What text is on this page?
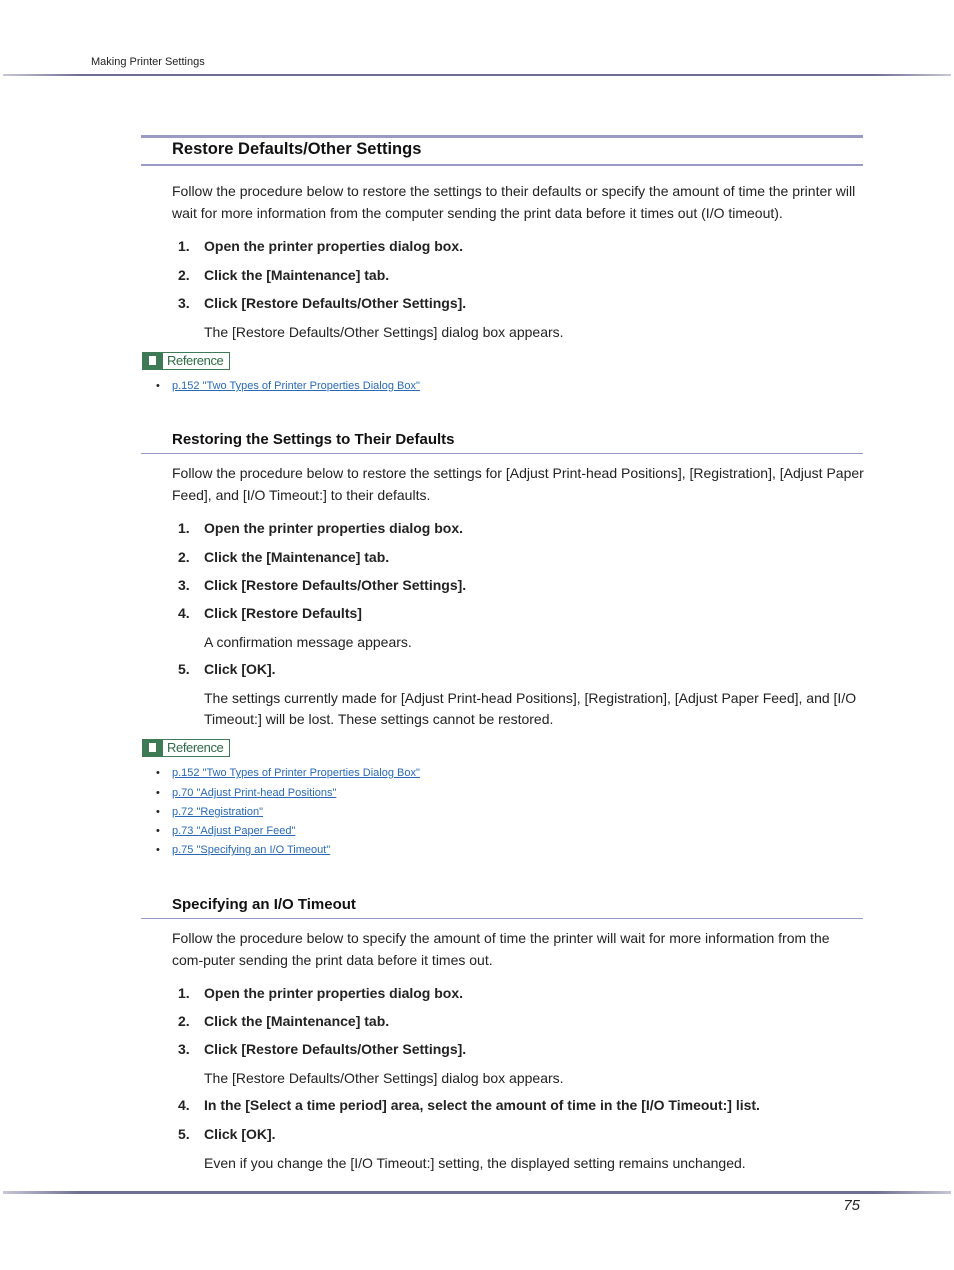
Making Printer Settings
Restore Defaults/Other Settings
Follow the procedure below to restore the settings to their defaults or specify the amount of time the printer will wait for more information from the computer sending the print data before it times out (I/O timeout).
1. Open the printer properties dialog box.
2. Click the [Maintenance] tab.
3. Click [Restore Defaults/Other Settings].
The [Restore Defaults/Other Settings] dialog box appears.
Reference
• p.152 "Two Types of Printer Properties Dialog Box"
Restoring the Settings to Their Defaults
Follow the procedure below to restore the settings for [Adjust Print-head Positions], [Registration], [Adjust Paper Feed], and [I/O Timeout:] to their defaults.
1. Open the printer properties dialog box.
2. Click the [Maintenance] tab.
3. Click [Restore Defaults/Other Settings].
4. Click [Restore Defaults]
A confirmation message appears.
5. Click [OK].
The settings currently made for [Adjust Print-head Positions], [Registration], [Adjust Paper Feed], and [I/O Timeout:] will be lost. These settings cannot be restored.
Reference
• p.152 "Two Types of Printer Properties Dialog Box"
• p.70 "Adjust Print-head Positions"
• p.72 "Registration"
• p.73 "Adjust Paper Feed"
• p.75 "Specifying an I/O Timeout"
Specifying an I/O Timeout
Follow the procedure below to specify the amount of time the printer will wait for more information from the com-puter sending the print data before it times out.
1. Open the printer properties dialog box.
2. Click the [Maintenance] tab.
3. Click [Restore Defaults/Other Settings].
The [Restore Defaults/Other Settings] dialog box appears.
4. In the [Select a time period] area, select the amount of time in the [I/O Timeout:] list.
5. Click [OK].
Even if you change the [I/O Timeout:] setting, the displayed setting remains unchanged.
75
